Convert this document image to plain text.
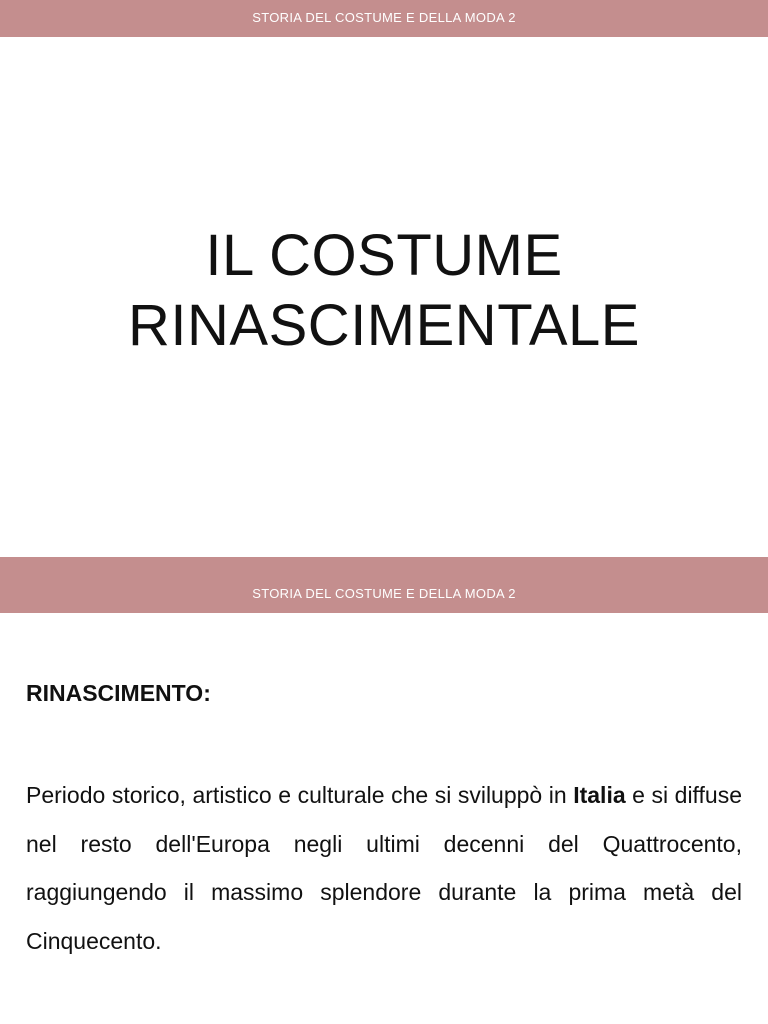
STORIA DEL COSTUME E DELLA MODA 2
IL COSTUME
RINASCIMENTALE
STORIA DEL COSTUME E DELLA MODA 2
RINASCIMENTO:

Periodo storico, artistico e culturale che si sviluppò in Italia e si diffuse nel resto dell'Europa negli ultimi decenni del Quattrocento, raggiungendo il massimo splendore durante la prima metà del Cinquecento.
